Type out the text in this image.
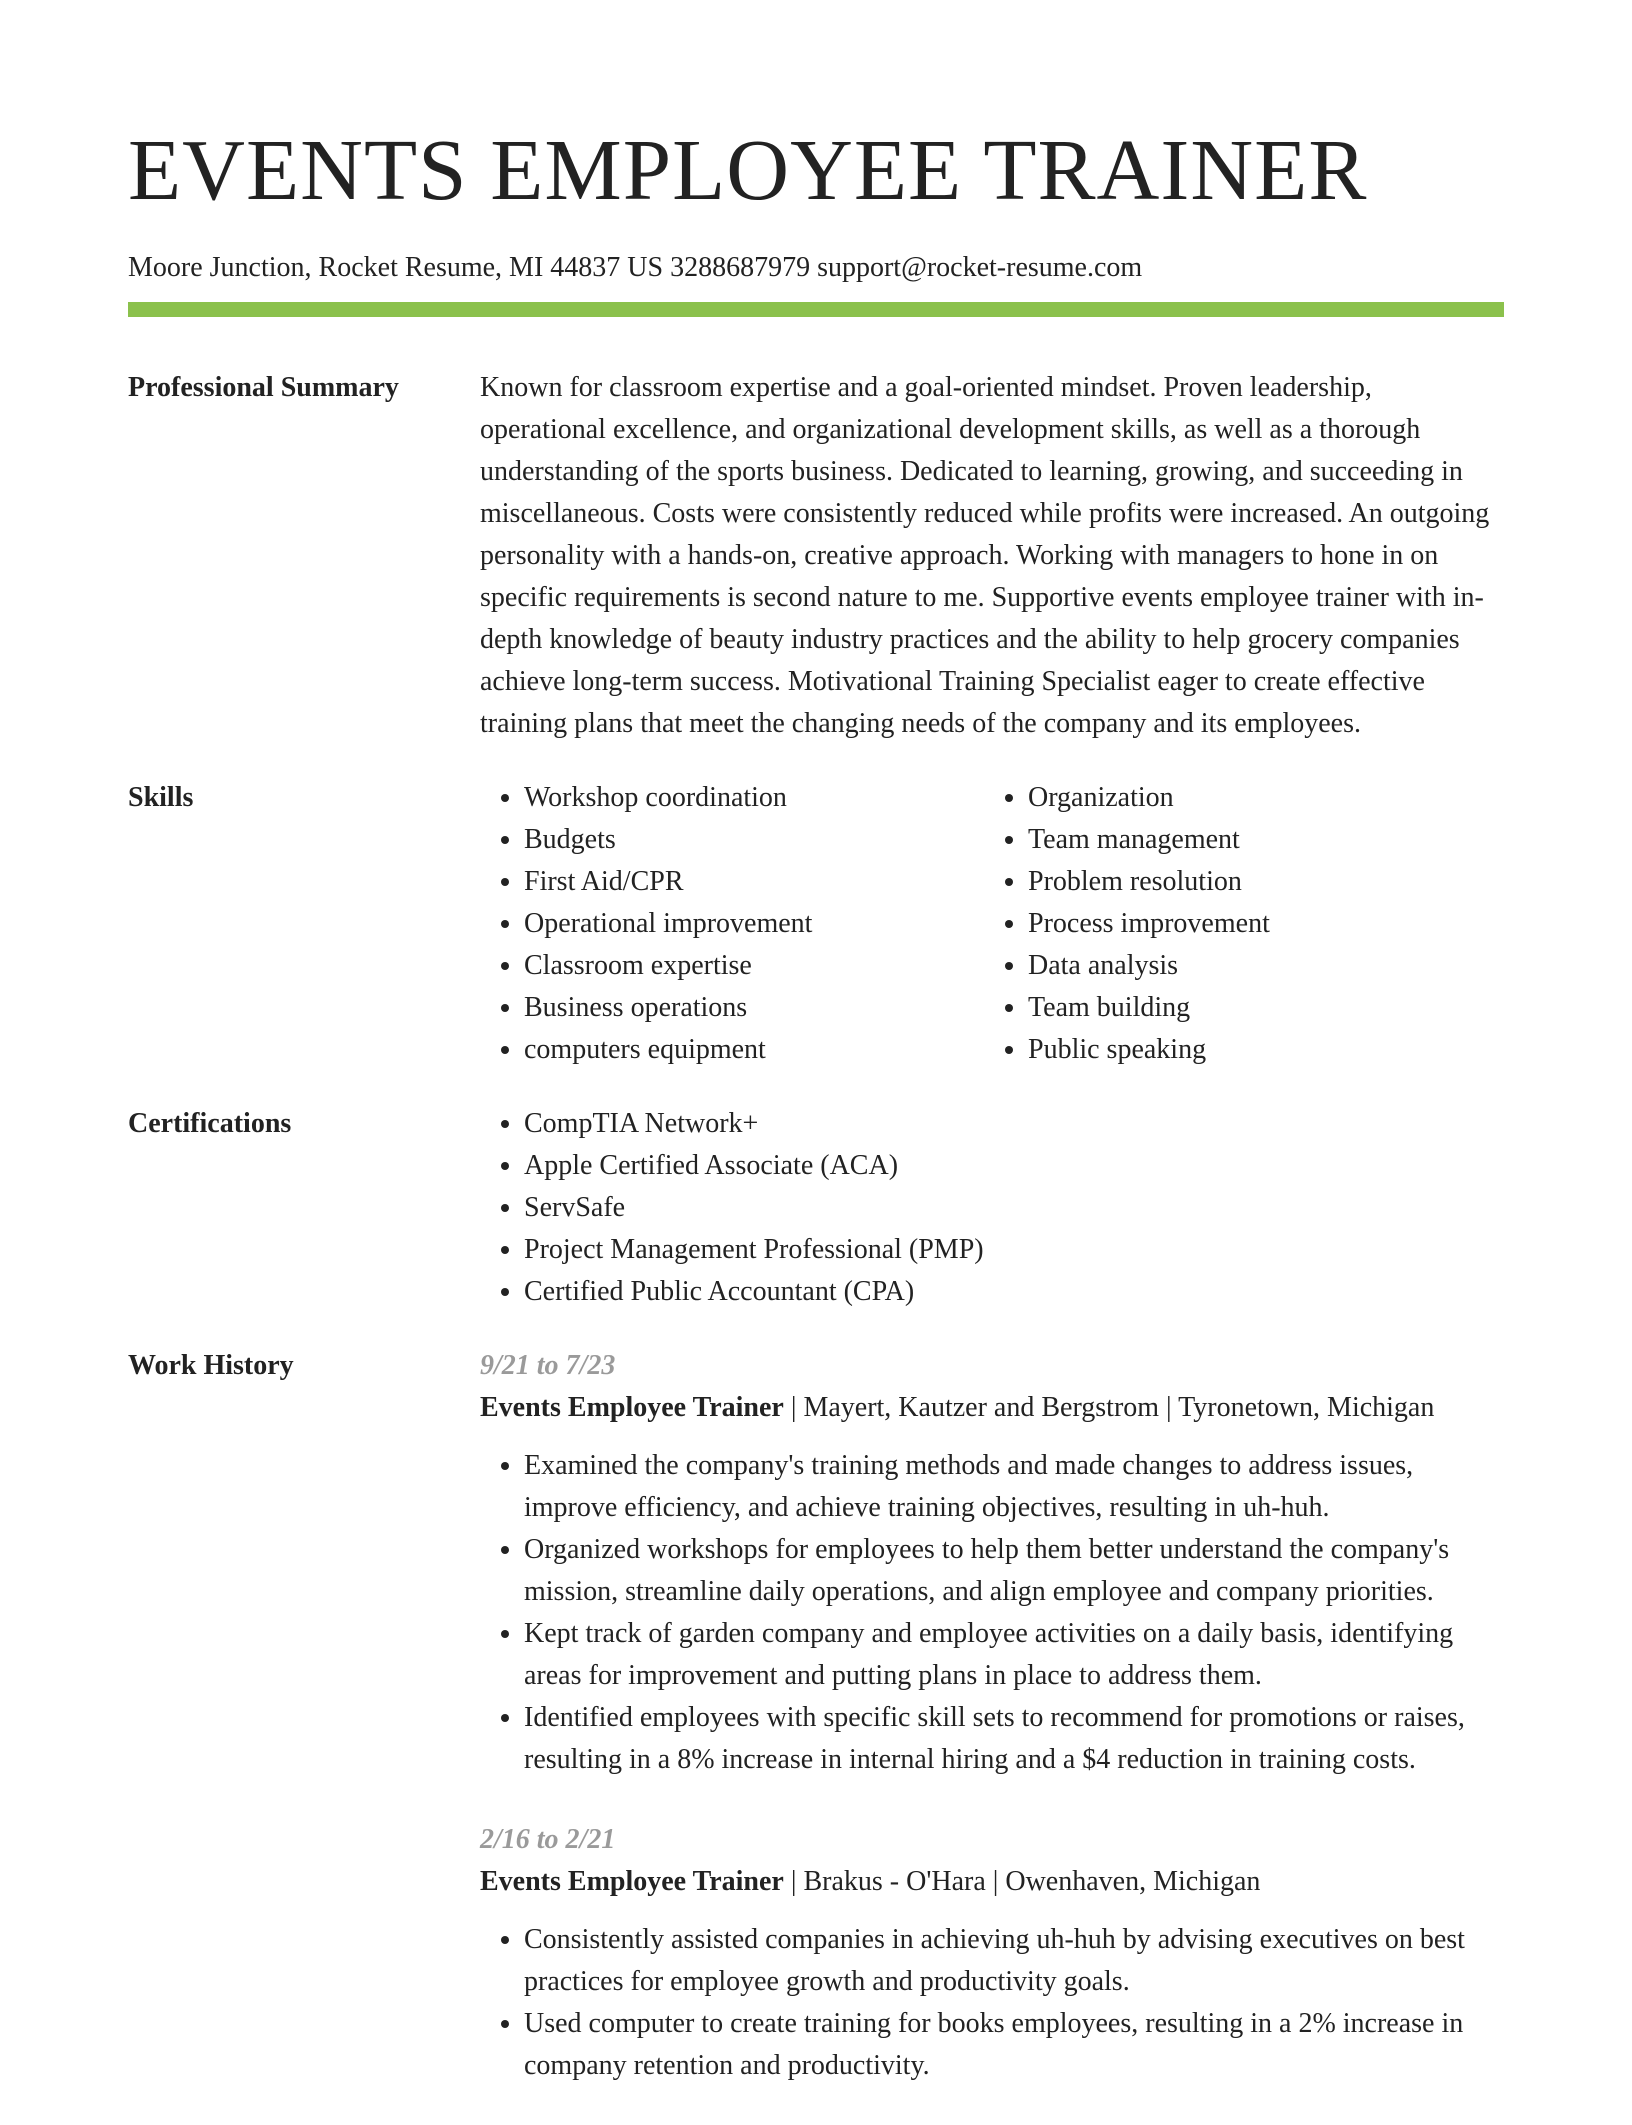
EVENTS EMPLOYEE TRAINER
Moore Junction, Rocket Resume, MI 44837 US 3288687979 support@rocket-resume.com
Professional Summary	Known for classroom expertise and a goal-oriented mindset. Proven leadership, operational excellence, and organizational development skills, as well as a thorough understanding of the sports business. Dedicated to learning, growing, and succeeding in miscellaneous. Costs were consistently reduced while profits were increased. An outgoing personality with a hands-on, creative approach. Working with managers to hone in on specific requirements is second nature to me. Supportive events employee trainer with in-depth knowledge of beauty industry practices and the ability to help grocery companies achieve long-term success. Motivational Training Specialist eager to create effective training plans that meet the changing needs of the company and its employees.

Skills	• Workshop coordination
• Budgets
• First Aid/CPR
• Operational improvement
• Classroom expertise
• Business operations
• computers equipment
• Organization
• Team management
• Problem resolution
• Process improvement
• Data analysis
• Team building
• Public speaking
Certifications	• CompTIA Network+
• Apple Certified Associate (ACA)
• ServSafe
• Project Management Professional (PMP)
• Certified Public Accountant (CPA)
Work History	9/21 to 7/23
Events Employee Trainer | Mayert, Kautzer and Bergstrom | Tyronetown, Michigan
• Examined the company's training methods and made changes to address issues, improve efficiency, and achieve training objectives, resulting in uh-huh.
• Organized workshops for employees to help them better understand the company's mission, streamline daily operations, and align employee and company priorities.
• Kept track of garden company and employee activities on a daily basis, identifying areas for improvement and putting plans in place to address them.
• Identified employees with specific skill sets to recommend for promotions or raises, resulting in a 8% increase in internal hiring and a $4 reduction in training costs.
2/16 to 2/21
Events Employee Trainer | Brakus - O'Hara | Owenhaven, Michigan
• Consistently assisted companies in achieving uh-huh by advising executives on best practices for employee growth and productivity goals.
• Used computer to create training for books employees, resulting in a 2% increase in company retention and productivity.
